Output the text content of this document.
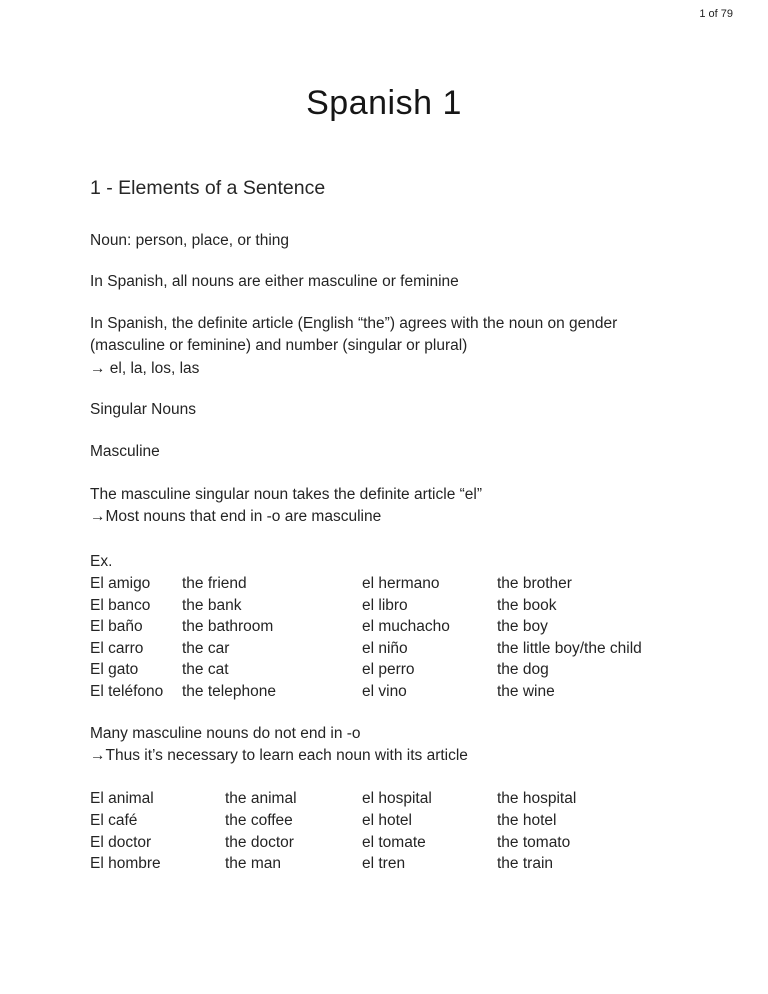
1 of 79
Spanish 1
1 - Elements of a Sentence

Noun: person, place, or thing

In Spanish, all nouns are either masculine or feminine

In Spanish, the definite article (English “the”) agrees with the noun on gender
(masculine or feminine) and number (singular or plural)
→ el, la, los, las

Singular Nouns

Masculine

The masculine singular noun takes the definite article “el”
→Most nouns that end in -o are masculine

Ex.

El amigo	the friend	el hermano	the brother
El banco	the bank	el libro	the book
El baño	the bathroom	el muchacho	the boy
El carro	the car	el niño	the little boy/the child
El gato	the cat	el perro	the dog
El teléfono	the telephone	el vino	the wine

Many masculine nouns do not end in -o
→Thus it’s necessary to learn each noun with its article

El animal	the animal	el hospital	the hospital
El café	the coffee	el hotel	the hotel
El doctor	the doctor	el tomate	the tomato
El hombre	the man	el tren	the train
